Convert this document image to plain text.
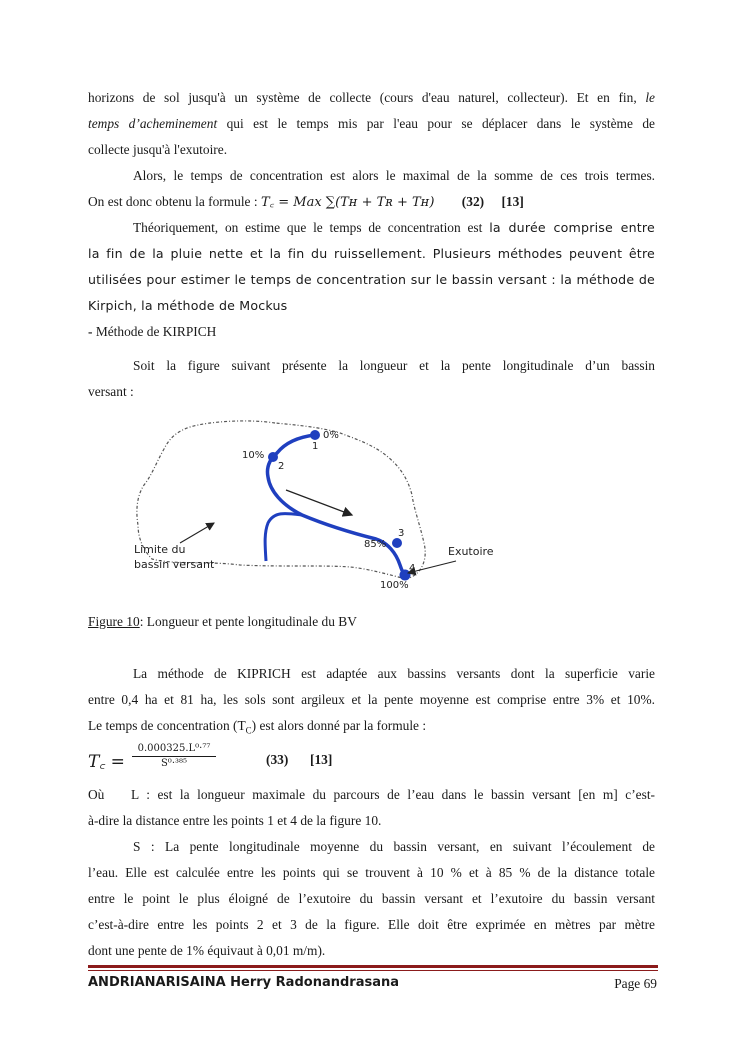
horizons de sol jusqu'à un système de collecte (cours d'eau naturel, collecteur). Et en fin, le
temps d’acheminement qui est le temps mis par l'eau pour se déplacer dans le système de
collecte jusqu'à l'exutoire.
Alors, le temps de concentration est alors le maximal de la somme de ces trois termes.
On est donc obtenu la formule : T꜀ = Max ∑(Tʜ + Tʀ + Tʜ) (32) [13]
Théoriquement, on estime que le temps de concentration est la durée comprise entre
la fin de la pluie nette et la fin du ruissellement. Plusieurs méthodes peuvent être
utilisées pour estimer le temps de concentration sur le bassin versant : la méthode de
Kirpich, la méthode de Mockus
- Méthode de KIRPICH
Soit la figure suivant présente la longueur et la pente longitudinale d’un bassin
versant :
0%
1
10%
2
3
85%
4
100%
Limite du
bassin versant
Exutoire
Figure 10: Longueur et pente longitudinale du BV
La méthode de KIPRICH est adaptée aux bassins versants dont la superficie varie
entre 0,4 ha et 81 ha, les sols sont argileux et la pente moyenne est comprise entre 3% et 10%.
Le temps de concentration $(T_C)$ est alors donné par la formule :
T꜀ = $\frac{\text{0.000325.L⁰·⁷⁷}}{\text{S⁰·³⁸⁵}}$	(33) [13]
Où	L : est la longueur maximale du parcours de l’eau dans le bassin versant [en m] c’est-
à-dire la distance entre les points 1 et 4 de la figure 10.
S : La pente longitudinale moyenne du bassin versant, en suivant l’écoulement de
l’eau. Elle est calculée entre les points qui se trouvent à 10 % et à 85 % de la distance totale
entre le point le plus éloigné de l’exutoire du bassin versant et l’exutoire du bassin versant
c’est-à-dire entre les points 2 et 3 de la figure. Elle doit être exprimée en mètres par mètre
dont une pente de 1% équivaut à 0,01 m/m).
ANDRIANARISAINA Herry Radonandrasana	Page 69
